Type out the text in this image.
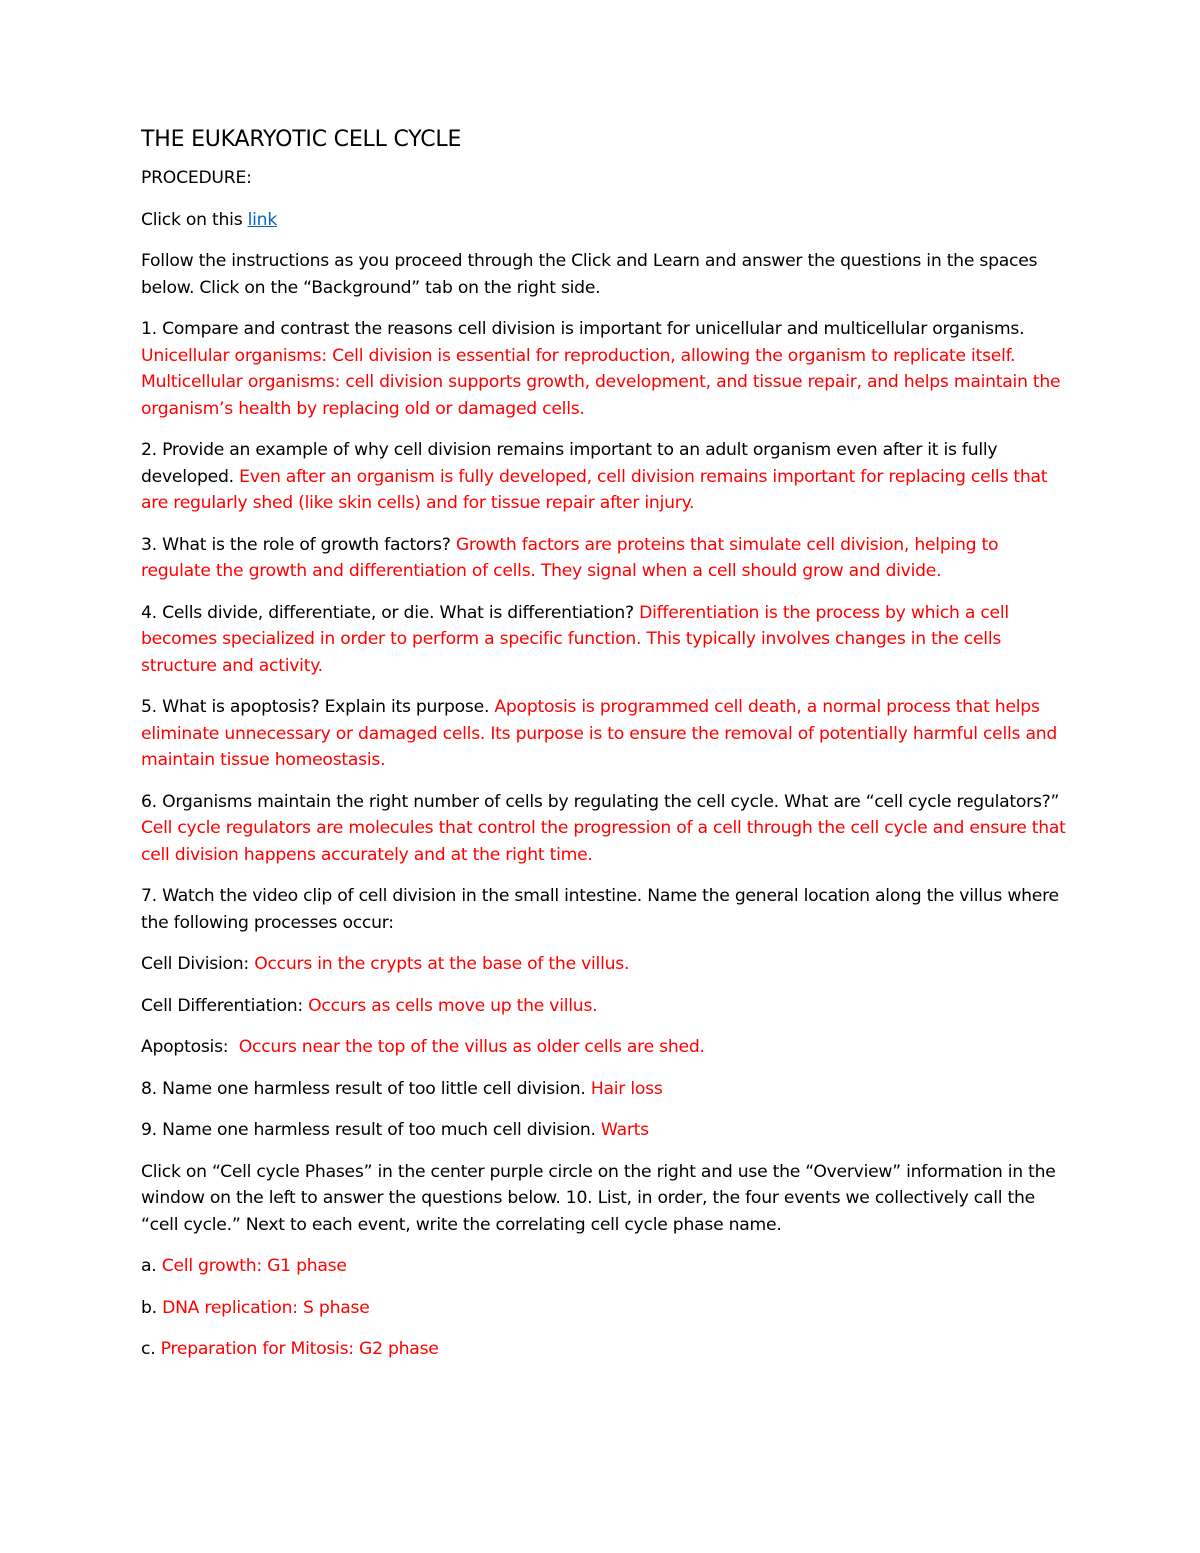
THE EUKARYOTIC CELL CYCLE

PROCEDURE:

Click on this link

Follow the instructions as you proceed through the Click and Learn and answer the questions in the spaces below. Click on the “Background” tab on the right side.

1. Compare and contrast the reasons cell division is important for unicellular and multicellular organisms. Unicellular organisms: Cell division is essential for reproduction, allowing the organism to replicate itself. Multicellular organisms: cell division supports growth, development, and tissue repair, and helps maintain the organism’s health by replacing old or damaged cells.

2. Provide an example of why cell division remains important to an adult organism even after it is fully developed. Even after an organism is fully developed, cell division remains important for replacing cells that are regularly shed (like skin cells) and for tissue repair after injury.

3. What is the role of growth factors? Growth factors are proteins that simulate cell division, helping to regulate the growth and differentiation of cells. They signal when a cell should grow and divide.

4. Cells divide, differentiate, or die. What is differentiation? Differentiation is the process by which a cell becomes specialized in order to perform a specific function. This typically involves changes in the cells structure and activity.

5. What is apoptosis? Explain its purpose. Apoptosis is programmed cell death, a normal process that helps eliminate unnecessary or damaged cells. Its purpose is to ensure the removal of potentially harmful cells and maintain tissue homeostasis.

6. Organisms maintain the right number of cells by regulating the cell cycle. What are “cell cycle regulators?” Cell cycle regulators are molecules that control the progression of a cell through the cell cycle and ensure that cell division happens accurately and at the right time.

7. Watch the video clip of cell division in the small intestine. Name the general location along the villus where the following processes occur:

Cell Division: Occurs in the crypts at the base of the villus.

Cell Differentiation: Occurs as cells move up the villus.

Apoptosis:  Occurs near the top of the villus as older cells are shed.

8. Name one harmless result of too little cell division. Hair loss

9. Name one harmless result of too much cell division. Warts

Click on “Cell cycle Phases” in the center purple circle on the right and use the “Overview” information in the window on the left to answer the questions below. 10. List, in order, the four events we collectively call the “cell cycle.” Next to each event, write the correlating cell cycle phase name.

a. Cell growth: G1 phase

b. DNA replication: S phase

c. Preparation for Mitosis: G2 phase
